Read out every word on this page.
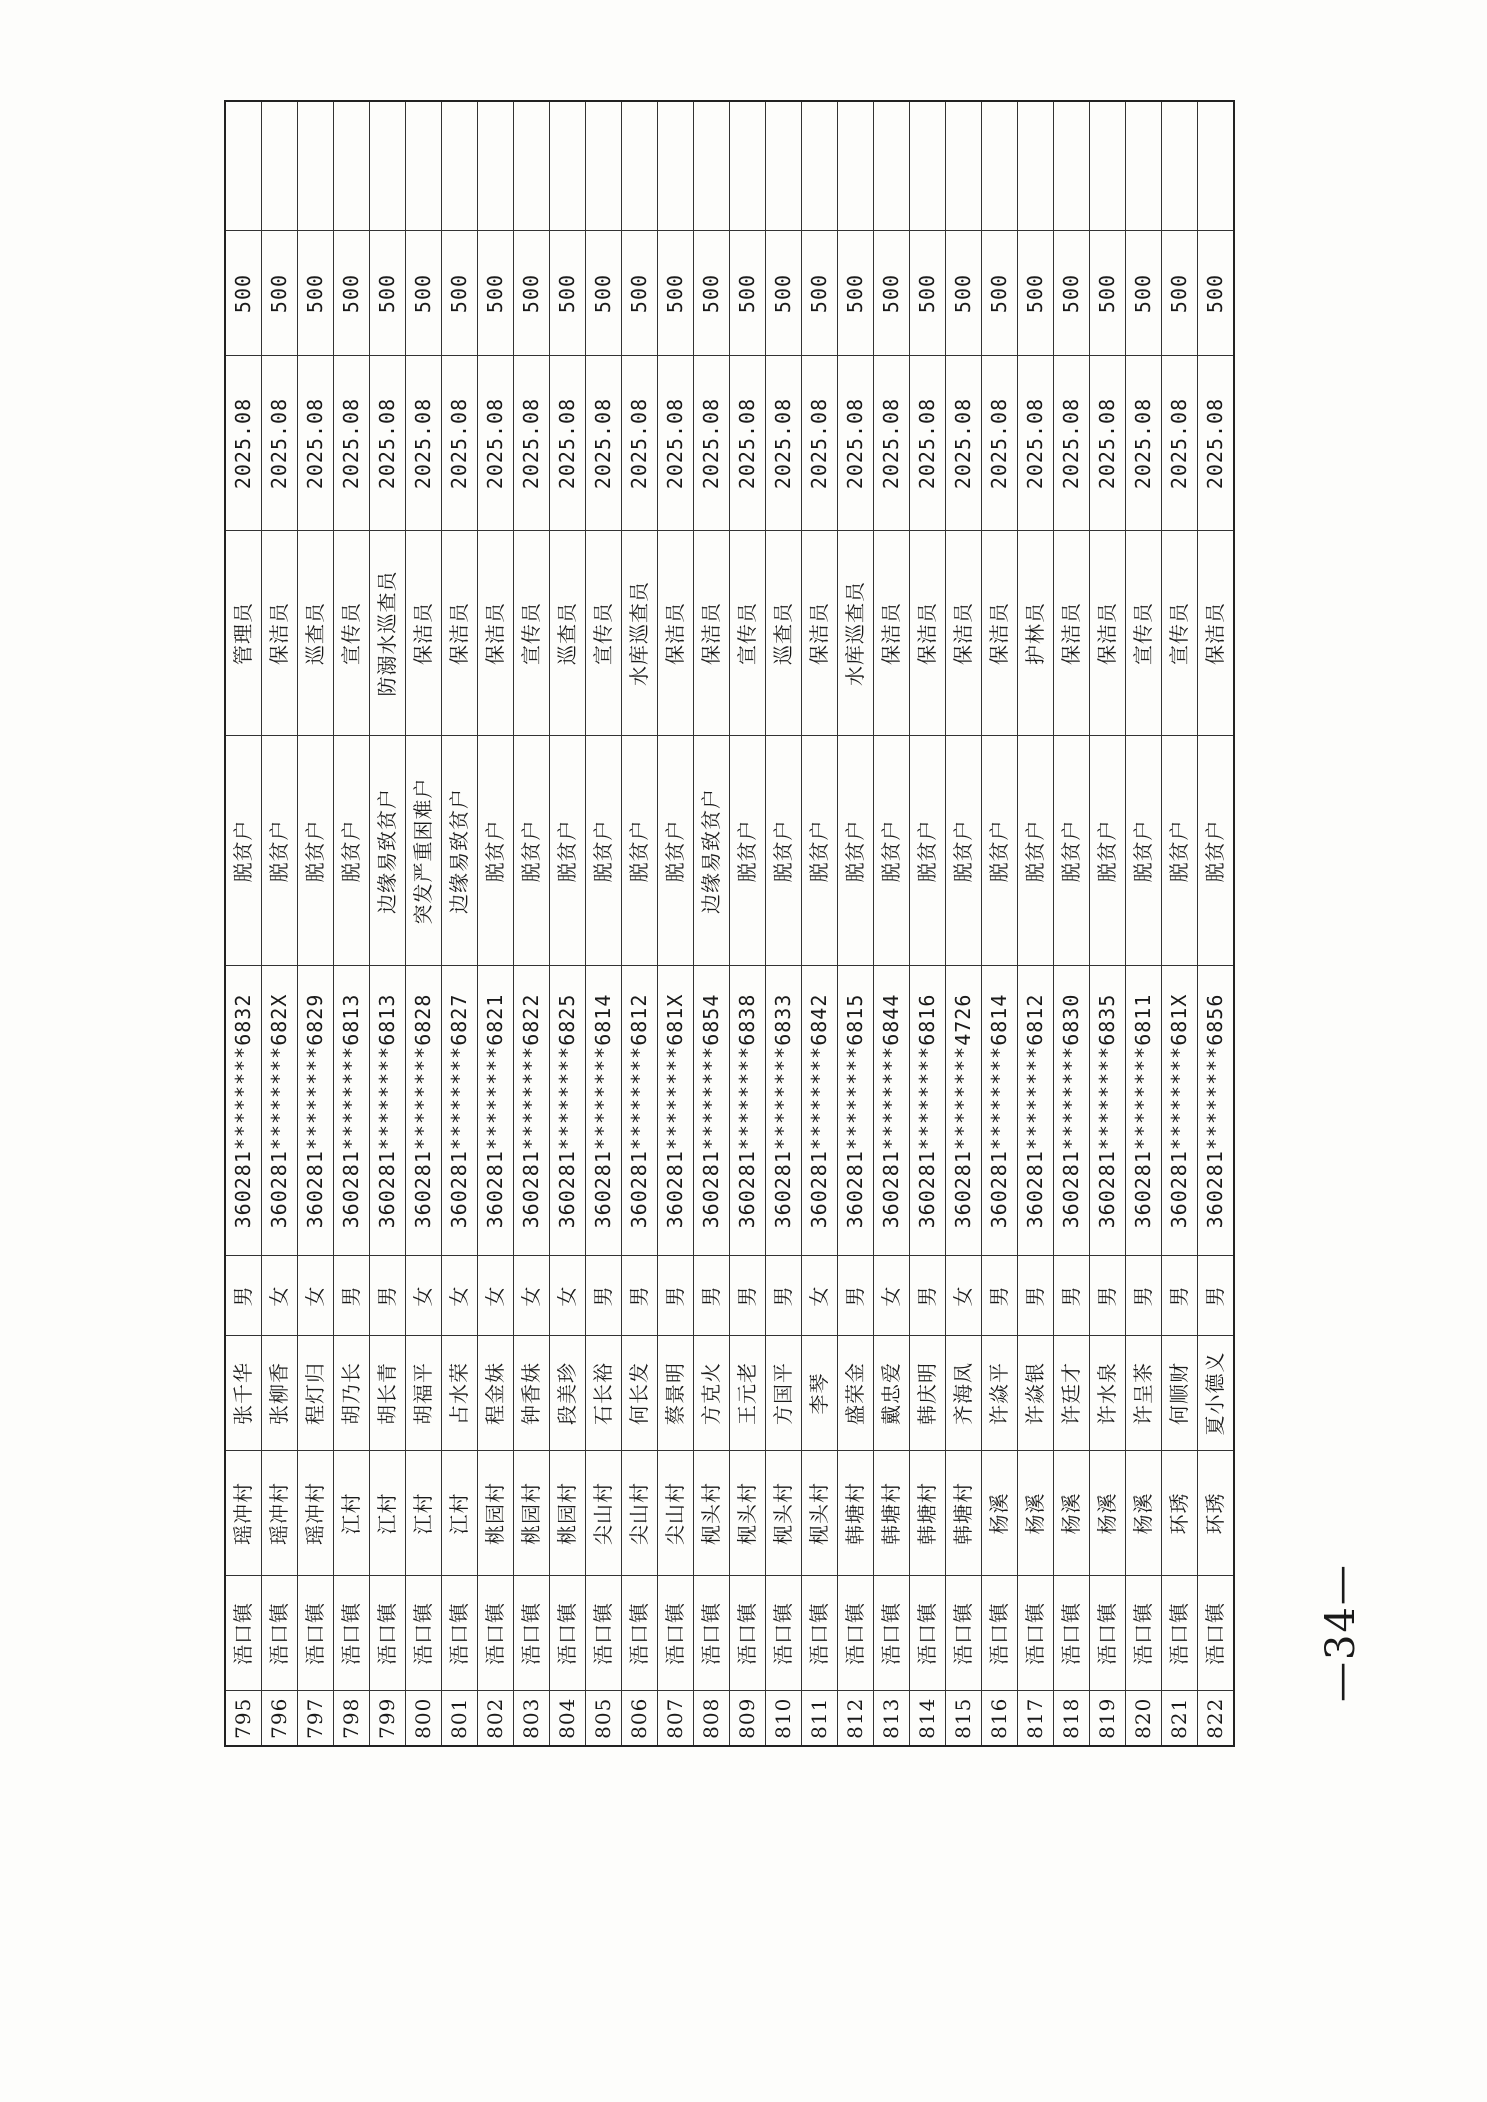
795	浯口镇	瑶冲村	张千华	男	360281********6832	脱贫户	管理员	2025.08	500	
796	浯口镇	瑶冲村	张柳香	女	360281********682X	脱贫户	保洁员	2025.08	500	
797	浯口镇	瑶冲村	程灯归	女	360281********6829	脱贫户	巡查员	2025.08	500	
798	浯口镇	江村	胡乃长	男	360281********6813	脱贫户	宣传员	2025.08	500	
799	浯口镇	江村	胡长青	男	360281********6813	边缘易致贫户	防溺水巡查员	2025.08	500	
800	浯口镇	江村	胡福平	女	360281********6828	突发严重困难户	保洁员	2025.08	500	
801	浯口镇	江村	占水荣	女	360281********6827	边缘易致贫户	保洁员	2025.08	500	
802	浯口镇	桃园村	程金妹	女	360281********6821	脱贫户	保洁员	2025.08	500	
803	浯口镇	桃园村	钟香妹	女	360281********6822	脱贫户	宣传员	2025.08	500	
804	浯口镇	桃园村	段美珍	女	360281********6825	脱贫户	巡查员	2025.08	500	
805	浯口镇	尖山村	石长裕	男	360281********6814	脱贫户	宣传员	2025.08	500	
806	浯口镇	尖山村	何长发	男	360281********6812	脱贫户	水库巡查员	2025.08	500	
807	浯口镇	尖山村	蔡景明	男	360281********681X	脱贫户	保洁员	2025.08	500	
808	浯口镇	枧头村	方克火	男	360281********6854	边缘易致贫户	保洁员	2025.08	500	
809	浯口镇	枧头村	王元老	男	360281********6838	脱贫户	宣传员	2025.08	500	
810	浯口镇	枧头村	方国平	男	360281********6833	脱贫户	巡查员	2025.08	500	
811	浯口镇	枧头村	李琴	女	360281********6842	脱贫户	保洁员	2025.08	500	
812	浯口镇	韩塘村	盛荣金	男	360281********6815	脱贫户	水库巡查员	2025.08	500	
813	浯口镇	韩塘村	戴忠爱	女	360281********6844	脱贫户	保洁员	2025.08	500	
814	浯口镇	韩塘村	韩庆明	男	360281********6816	脱贫户	保洁员	2025.08	500	
815	浯口镇	韩塘村	齐海凤	女	360281********4726	脱贫户	保洁员	2025.08	500	
816	浯口镇	杨溪	许焱平	男	360281********6814	脱贫户	保洁员	2025.08	500	
817	浯口镇	杨溪	许焱银	男	360281********6812	脱贫户	护林员	2025.08	500	
818	浯口镇	杨溪	许廷才	男	360281********6830	脱贫户	保洁员	2025.08	500	
819	浯口镇	杨溪	许水泉	男	360281********6835	脱贫户	保洁员	2025.08	500	
820	浯口镇	杨溪	许呈茶	男	360281********6811	脱贫户	宣传员	2025.08	500	
821	浯口镇	环琇	何顺财	男	360281********681X	脱贫户	宣传员	2025.08	500	
822	浯口镇	环琇	夏小德义	男	360281********6856	脱贫户	保洁员	2025.08	500	
—34—
